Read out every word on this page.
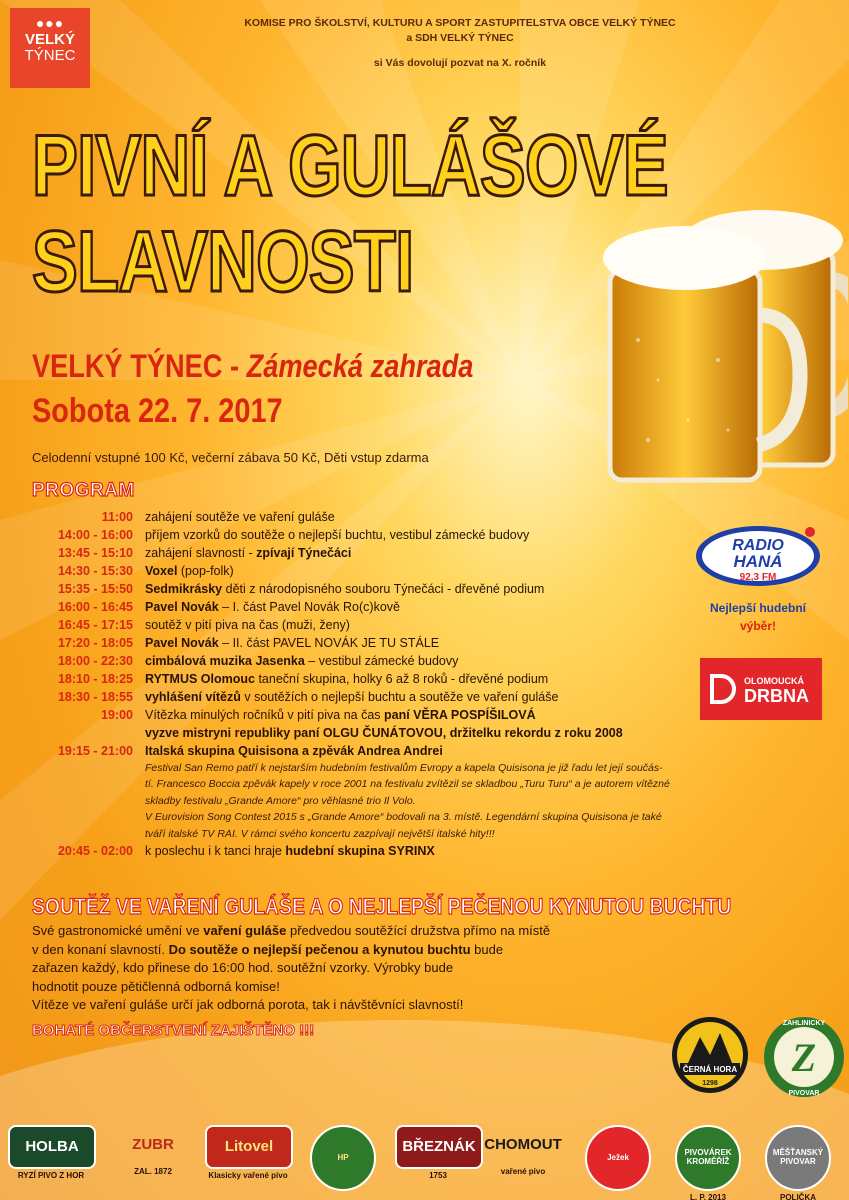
●●●
VELKÝ
TÝNEC
KOMISE PRO ŠKOLSTVÍ, KULTURU A SPORT ZASTUPITELSTVA OBCE VELKÝ TÝNEC
a SDH VELKÝ TÝNEC
si Vás dovolují pozvat na X. ročník
PIVNÍ A GULÁŠOVÉ
SLAVNOSTI
VELKÝ TÝNEC - Zámecká zahrada
Sobota 22. 7. 2017
Celodenní vstupné 100 Kč, večerní zábava 50 Kč, Děti vstup zdarma
PROGRAM
11:00 zahájení soutěže ve vaření guláše
14:00 - 16:00 příjem vzorků do soutěže o nejlepší buchtu, vestibul zámecké budovy
13:45 - 15:10 zahájení slavností - zpívají Týnečáci
14:30 - 15:30 Voxel (pop-folk)
15:35 - 15:50 Sedmikrásky děti z národopisného souboru Týnečáci - dřevěné podium
16:00 - 16:45 Pavel Novák – I. část Pavel Novák Ro(c)kově
16:45 - 17:15 soutěž v pití piva na čas (muži, ženy)
17:20 - 18:05 Pavel Novák – II. část PAVEL NOVÁK JE TU STÁLE
18:00 - 22:30 cimbálová muzika Jasenka – vestibul zámecké budovy
18:10 - 18:25 RYTMUS Olomouc taneční skupina, holky 6 až 8 roků - dřevěné podium
18:30 - 18:55 vyhlášení vítězů v soutěžích o nejlepší buchtu a soutěže ve vaření guláše
19:00 Vítězka minulých ročníků v pití piva na čas paní VĚRA POSPÍŠILOVÁ
vyzve mistryni republiky paní OLGU ČUNÁTOVOU, držitelku rekordu z roku 2008
19:15 - 21:00 Italská skupina Quisisona a zpěvák Andrea Andrei
Festival San Remo patří k nejstarším hudebním festivalům Evropy a kapela Quisisona je již řadu let její součás-
tí. Francesco Boccia zpěvák kapely v roce 2001 na festivalu zvítězil se skladbou „Turu Turu“ a je autorem vítězné
skladby festivalu „Grande Amore“ pro věhlasné trio Il Volo.
V Eurovision Song Contest 2015 s „Grande Amore“ bodovali na 3. místě. Legendární skupina Quisisona je také
tváří italské TV RAI. V rámci svého koncertu zazpívají největší italské hity!!!
20:45 - 02:00 k poslechu i k tanci hraje hudební skupina SYRINX
SOUTĚŽ VE VAŘENÍ GULÁŠE A O NEJLEPŠÍ PEČENOU KYNUTOU BUCHTU
Své gastronomické umění ve vaření guláše předvedou soutěžící družstva přímo na místě
v den konaní slavností. Do soutěže o nejlepší pečenou a kynutou buchtu bude
zařazen každý, kdo přinese do 16:00 hod. soutěžní vzorky. Výrobky bude
hodnotit pouze pětičlenná odborná komise!
Vítěze ve vaření guláše určí jak odborná porota, tak i návštěvníci slavností!
BOHATÉ OBČERSTVENÍ ZAJIŠTĚNO !!!
RADIO
HANÁ
92,3 FM
Nejlepší hudební
výběr!
OLOMOUCKÁ
DRBNA
ČERNÁ HORA
1298
Z
ZAHLINICKÝ
PIVOVAR
HOLBA
RYZÍ PIVO Z HOR
ZUBR
ZAL. 1872
Litovel
Klasicky vařené pivo
HP
BŘEZNÁK
1753
CHOMOUT
vařené pivo
Ježek	PIVOVÁREK KROMĚŘÍŽ
L. P. 2013
MĚŠŤANSKÝ PIVOVAR
POLIČKA
